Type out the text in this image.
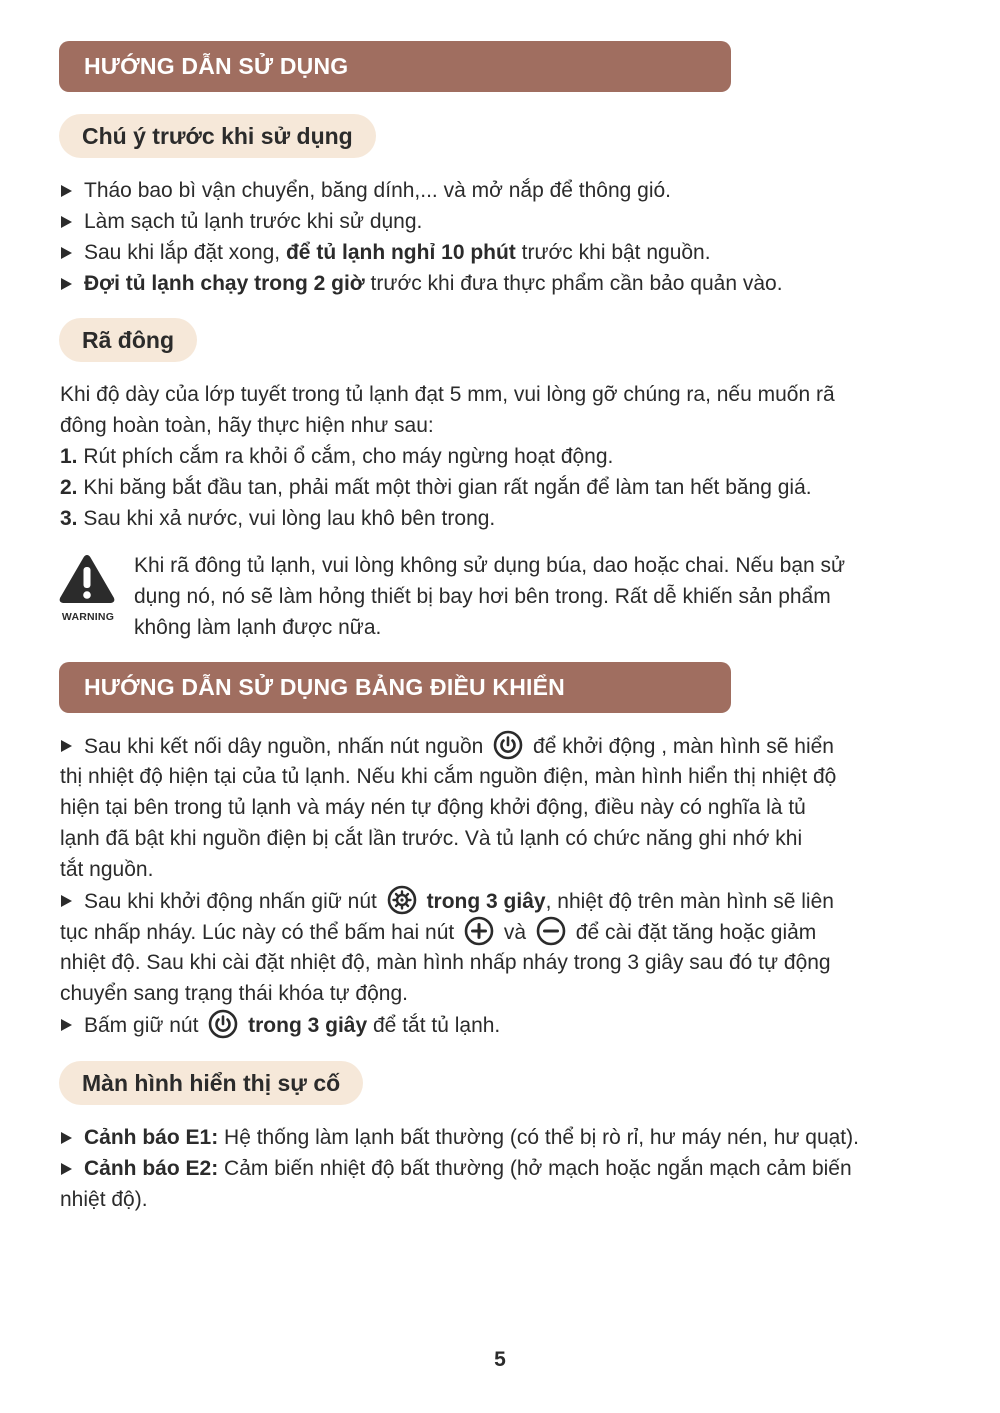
HƯỚNG DẪN SỬ DỤNG
Chú ý trước khi sử dụng
Tháo bao bì vận chuyển, băng dính,... và mở nắp để thông gió.
Làm sạch tủ lạnh trước khi sử dụng.
Sau khi lắp đặt xong, để tủ lạnh nghỉ 10 phút trước khi bật nguồn.
Đợi tủ lạnh chạy trong 2 giờ trước khi đưa thực phẩm cần bảo quản vào.
Rã đông
Khi độ dày của lớp tuyết trong tủ lạnh đạt 5 mm, vui lòng gỡ chúng ra, nếu muốn rã
đông hoàn toàn, hãy thực hiện như sau:
1. Rút phích cắm ra khỏi ổ cắm, cho máy ngừng hoạt động.
2. Khi băng bắt đầu tan, phải mất một thời gian rất ngắn để làm tan hết băng giá.
3. Sau khi xả nước, vui lòng lau khô bên trong.
WARNING
Khi rã đông tủ lạnh, vui lòng không sử dụng búa, dao hoặc chai. Nếu bạn sử
dụng nó, nó sẽ làm hỏng thiết bị bay hơi bên trong. Rất dễ khiến sản phẩm
không làm lạnh được nữa.
HƯỚNG DẪN SỬ DỤNG BẢNG ĐIỀU KHIỂN
Sau khi kết nối dây nguồn, nhấn nút nguồn để khởi động , màn hình sẽ hiển
thị nhiệt độ hiện tại của tủ lạnh. Nếu khi cắm nguồn điện, màn hình hiển thị nhiệt độ
hiện tại bên trong tủ lạnh và máy nén tự động khởi động, điều này có nghĩa là tủ
lạnh đã bật khi nguồn điện bị cắt lần trước. Và tủ lạnh có chức năng ghi nhớ khi
tắt nguồn.
Sau khi khởi động nhấn giữ nút trong 3 giây, nhiệt độ trên màn hình sẽ liên
tục nhấp nháy. Lúc này có thể bấm hai nút và để cài đặt tăng hoặc giảm
nhiệt độ. Sau khi cài đặt nhiệt độ, màn hình nhấp nháy trong 3 giây sau đó tự động
chuyển sang trạng thái khóa tự động.
Bấm giữ nút trong 3 giây để tắt tủ lạnh.
Màn hình hiển thị sự cố
Cảnh báo E1: Hệ thống làm lạnh bất thường (có thể bị rò rỉ, hư máy nén, hư quạt).
Cảnh báo E2: Cảm biến nhiệt độ bất thường (hở mạch hoặc ngắn mạch cảm biến
nhiệt độ).
5
